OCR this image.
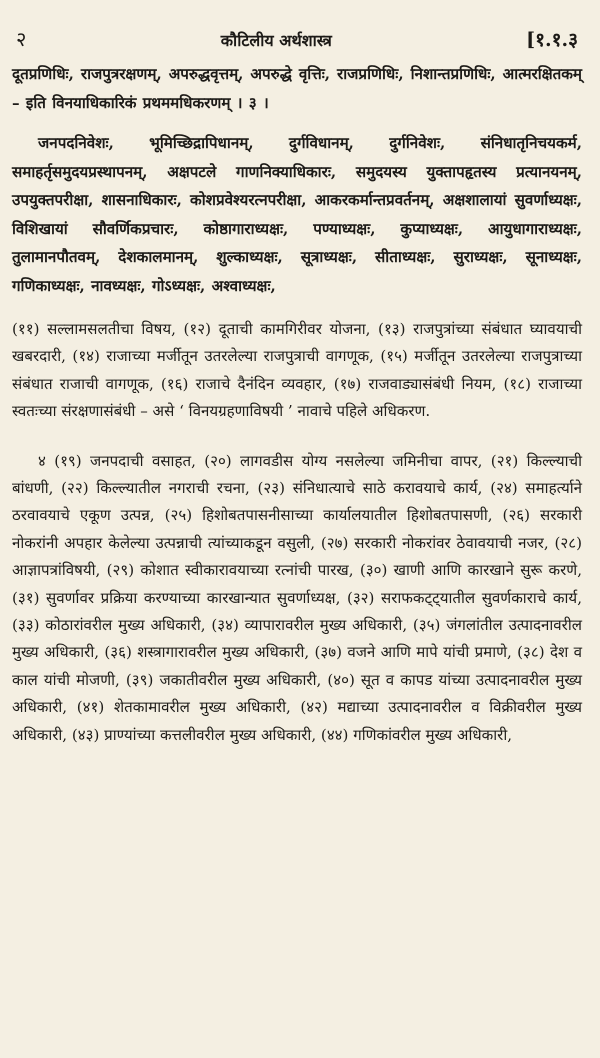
२	कौटिलीय अर्थशास्त्र	[१.१.३

दूतप्रणिधिः, राजपुत्ररक्षणम्, अपरुद्धवृत्तम्, अपरुद्धे वृत्तिः, राजप्रणिधिः, निशान्तप्रणिधिः, आत्मरक्षितकम् – इति विनयाधिकारिकं प्रथममधिकरणम् । ३ ।

जनपदनिवेशः, भूमिच्छिद्रापिधानम्, दुर्गविधानम्, दुर्गनिवेशः, संनिधातृनिचयकर्म, समाहर्तृसमुदयप्रस्थापनम्, अक्षपटले गाणनिक्याधिकारः, समुदयस्य युक्तापहृतस्य प्रत्यानयनम्, उपयुक्तपरीक्षा, शासनाधिकारः, कोशप्रवेश्यरत्नपरीक्षा, आकरकर्मान्तप्रवर्तनम्, अक्षशालायां सुवर्णाध्यक्षः, विशिखायां सौवर्णिकप्रचारः, कोष्ठागाराध्यक्षः, पण्याध्यक्षः, कुप्याध्यक्षः, आयुधागाराध्यक्षः, तुलामानपौतवम्, देशकालमानम्, शुल्काध्यक्षः, सूत्राध्यक्षः, सीताध्यक्षः, सुराध्यक्षः, सूनाध्यक्षः, गणिकाध्यक्षः, नावध्यक्षः, गोऽध्यक्षः, अश्वाध्यक्षः,

(११) सल्लामसलतीचा विषय, (१२) दूताची कामगिरीवर योजना, (१३) राजपुत्रांच्या संबंधात घ्यावयाची खबरदारी, (१४) राजाच्या मर्जीतून उतरलेल्या राजपुत्राची वागणूक, (१५) मर्जीतून उतरलेल्या राजपुत्राच्या संबंधात राजाची वागणूक, (१६) राजाचे दैनंदिन व्यवहार, (१७) राजवाड्यासंबंधी नियम, (१८) राजाच्या स्वतःच्या संरक्षणासंबंधी – असे ‘ विनयग्रहणाविषयी ’ नावाचे पहिले अधिकरण.

४ (१९) जनपदाची वसाहत, (२०) लागवडीस योग्य नसलेल्या जमिनीचा वापर, (२१) किल्ल्याची बांधणी, (२२) किल्ल्यातील नगराची रचना, (२३) संनिधात्याचे साठे करावयाचे कार्य, (२४) समाहर्त्याने ठरवावयाचे एकूण उत्पन्न, (२५) हिशोबतपासनीसाच्या कार्यालयातील हिशोबतपासणी, (२६) सरकारी नोकरांनी अपहार केलेल्या उत्पन्नाची त्यांच्याकडून वसुली, (२७) सरकारी नोकरांवर ठेवावयाची नजर, (२८) आज्ञापत्रांविषयी, (२९) कोशात स्वीकारावयाच्या रत्नांची पारख, (३०) खाणी आणि कारखाने सुरू करणे, (३१) सुवर्णावर प्रक्रिया करण्याच्या कारखान्यात सुवर्णाध्यक्ष, (३२) सराफकट्ट्यातील सुवर्णकाराचे कार्य, (३३) कोठारांवरील मुख्य अधिकारी, (३४) व्यापारावरील मुख्य अधिकारी, (३५) जंगलांतील उत्पादनावरील मुख्य अधिकारी, (३६) शस्त्रागारावरील मुख्य अधिकारी, (३७) वजने आणि मापे यांची प्रमाणे, (३८) देश व काल यांची मोजणी, (३९) जकातीवरील मुख्य अधिकारी, (४०) सूत व कापड यांच्या उत्पादनावरील मुख्य अधिकारी, (४१) शेतकामावरील मुख्य अधिकारी, (४२) मद्याच्या उत्पादनावरील व विक्रीवरील मुख्य अधिकारी, (४३) प्राण्यांच्या कत्तलीवरील मुख्य अधिकारी, (४४) गणिकांवरील मुख्य अधिकारी,
